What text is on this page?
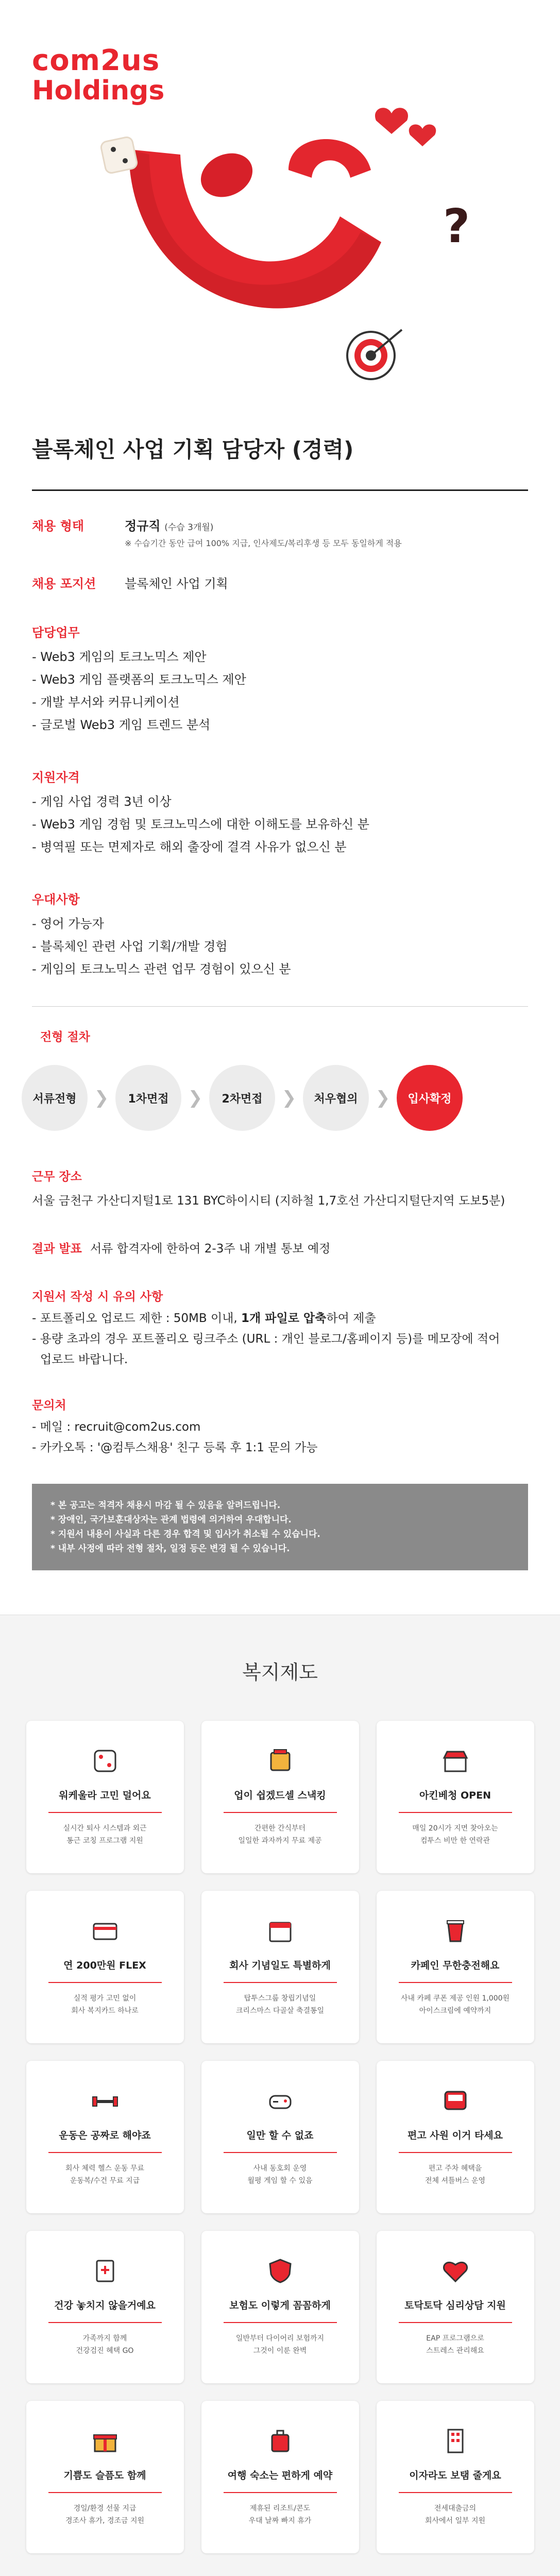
?
com2us
Holdings
블록체인 사업 기획 담당자 (경력)
채용 형태	정규직 (수습 3개월)
※ 수습기간 동안 급여 100% 지급, 인사제도/복리후생 등 모두 동일하게 적용
채용 포지션	블록체인 사업 기획
담당업무
- Web3 게임의 토크노믹스 제안
- Web3 게임 플랫폼의 토크노믹스 제안
- 개발 부서와 커뮤니케이션
- 글로벌 Web3 게임 트렌드 분석
지원자격
- 게임 사업 경력 3년 이상
- Web3 게임 경험 및 토크노믹스에 대한 이해도를 보유하신 분
- 병역필 또는 면제자로 해외 출장에 결격 사유가 없으신 분
우대사항
- 영어 가능자
- 블록체인 관련 사업 기획/개발 경험
- 게임의 토크노믹스 관련 업무 경험이 있으신 분
전형 절차
서류전형	❯	1차면접	❯	2차면접	❯	처우협의	❯	입사확정
근무 장소
서울 금천구 가산디지털1로 131 BYC하이시티 (지하철 1,7호선 가산디지털단지역 도보5분)
결과 발표 서류 합격자에 한하여 2-3주 내 개별 통보 예정
지원서 작성 시 유의 사항
- 포트폴리오 업로드 제한 : 50MB 이내, 1개 파일로 압축하여 제출
- 용량 초과의 경우 포트폴리오 링크주소 (URL : 개인 블로그/홈페이지 등)를 메모장에 적어
업로드 바랍니다.
문의처
- 메일 : recruit@com2us.com
- 카카오톡 : '@컴투스채용' 친구 등록 후 1:1 문의 가능
* 본 공고는 적격자 채용시 마감 될 수 있음을 알려드립니다.
* 장애인, 국가보훈대상자는 관계 법령에 의거하여 우대합니다.
* 지원서 내용이 사실과 다른 경우 합격 및 입사가 취소될 수 있습니다.
* 내부 사정에 따라 전형 절차, 일정 등은 변경 될 수 있습니다.
복지제도
워케울라 고민 덜어요
실시간 퇴사 시스템과 외근
통근 코칭 프로그램 지원
업이 쉽겠드셀 스낵킹
간편한 간식부터
일일한 과자까지 무료 제공
아킨베청 OPEN
매일 20시가 지면 찾아오는
컴투스 비만 한 연락관
연 200만원 FLEX
실적 평가 고민 없이
회사 복지카드 하나로
회사 기념일도 특별하게
탑투스그룹 창립기념일
크리스마스 다골살 축결통일
카페인 무한충전해요
사내 카페 쿠폰 제공 인원 1,000원
아이스크림에 예약까지
운동은 공짜로 해야죠
회사 체력 헬스 운동 무료
운동복/수건 무료 지급
일만 할 수 없죠
사내 동호회 운영
월평 게임 할 수 있음
편고 사원 이거 타세요
편고 주차 혜택을
전체 셔틀버스 운영
건강 놓치지 않을거예요
가족까지 함께
건강검진 혜택 GO
보험도 이렇게 꼼꼼하게
일반부터 다이어리 보험까지
그것이 이룬 완벽
토닥토닥 심리상담 지원
EAP 프로그램으로
스트레스 관리해요
기쁨도 슬픔도 함께
경일/환경 선물 지급
경조사 휴가, 경조금 지원
여행 숙소는 편하게 예약
제휴된 리조트/콘도
우대 날짜 빠지 휴가
이자라도 보탬 줄게요
전세대출금의
회사에서 일부 지원
